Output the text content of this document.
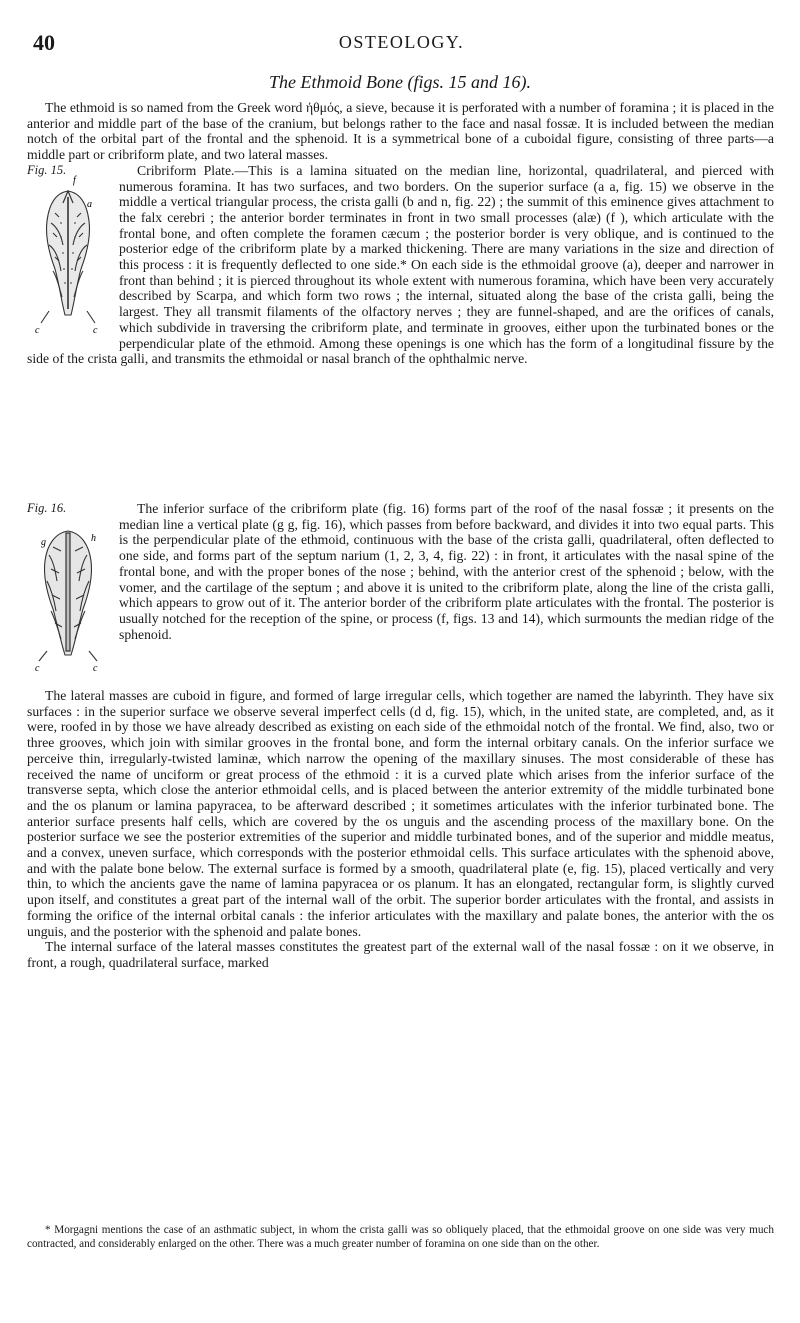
40	OSTEOLOGY.
The Ethmoid Bone (figs. 15 and 16).

The ethmoid is so named from the Greek word ἠθμός, a sieve, because it is perforated with a number of foramina ; it is placed in the anterior and middle part of the base of the cranium, but belongs rather to the face and nasal fossæ. It is included between the median notch of the orbital part of the frontal and the sphenoid. It is a symmetrical bone of a cuboidal figure, consisting of three parts—a middle part or cribriform plate, and two lateral masses.

Fig. 15.
f
a
c	c

Cribriform Plate.—This is a lamina situated on the median line, horizontal, quadrilateral, and pierced with numerous foramina. It has two surfaces, and two borders. On the superior surface (a a, fig. 15) we observe in the middle a vertical triangular process, the crista galli (b and n, fig. 22) ; the summit of this eminence gives attachment to the falx cerebri ; the anterior border terminates in front in two small processes (alæ) (f ), which articulate with the frontal bone, and often complete the foramen cæcum ; the posterior border is very oblique, and is continued to the posterior edge of the cribriform plate by a marked thickening. There are many variations in the size and direction of this process : it is frequently deflected to one side.* On each side is the ethmoidal groove (a), deeper and narrower in front than behind ; it is pierced throughout its whole extent with numerous foramina, which have been very accurately described by Scarpa, and which form two rows ; the internal, situated along the base of the crista galli, being the largest. They all transmit filaments of the olfactory nerves ; they are funnel-shaped, and are the orifices of canals, which subdivide in traversing the cribriform plate, and terminate in grooves, either upon the turbinated bones or the perpendicular plate of the ethmoid. Among these openings is one which has the form of a longitudinal fissure by the side of the crista galli, and transmits the ethmoidal or nasal branch of the ophthalmic nerve.

Fig. 16.
g	h
c	c

The inferior surface of the cribriform plate (fig. 16) forms part of the roof of the nasal fossæ ; it presents on the median line a vertical plate (g g, fig. 16), which passes from before backward, and divides it into two equal parts. This is the perpendicular plate of the ethmoid, continuous with the base of the crista galli, quadrilateral, often deflected to one side, and forms part of the septum narium (1, 2, 3, 4, fig. 22) : in front, it articulates with the nasal spine of the frontal bone, and with the proper bones of the nose ; behind, with the anterior crest of the sphenoid ; below, with the vomer, and the cartilage of the septum ; and above it is united to the cribriform plate, along the line of the crista galli, which appears to grow out of it. The anterior border of the cribriform plate articulates with the frontal. The posterior is usually notched for the reception of the spine, or process (f, figs. 13 and 14), which surmounts the median ridge of the sphenoid.

The lateral masses are cuboid in figure, and formed of large irregular cells, which together are named the labyrinth. They have six surfaces : in the superior surface we observe several imperfect cells (d d, fig. 15), which, in the united state, are completed, and, as it were, roofed in by those we have already described as existing on each side of the ethmoidal notch of the frontal. We find, also, two or three grooves, which join with similar grooves in the frontal bone, and form the internal orbitary canals. On the inferior surface we perceive thin, irregularly-twisted laminæ, which narrow the opening of the maxillary sinuses. The most considerable of these has received the name of unciform or great process of the ethmoid : it is a curved plate which arises from the inferior surface of the transverse septa, which close the anterior ethmoidal cells, and is placed between the anterior extremity of the middle turbinated bone and the os planum or lamina papyracea, to be afterward described ; it sometimes articulates with the inferior turbinated bone. The anterior surface presents half cells, which are covered by the os unguis and the ascending process of the maxillary bone. On the posterior surface we see the posterior extremities of the superior and middle turbinated bones, and of the superior and middle meatus, and a convex, uneven surface, which corresponds with the posterior ethmoidal cells. This surface articulates with the sphenoid above, and with the palate bone below. The external surface is formed by a smooth, quadrilateral plate (e, fig. 15), placed vertically and very thin, to which the ancients gave the name of lamina papyracea or os planum. It has an elongated, rectangular form, is slightly curved upon itself, and constitutes a great part of the internal wall of the orbit. The superior border articulates with the frontal, and assists in forming the orifice of the internal orbital canals : the inferior articulates with the maxillary and palate bones, the anterior with the os unguis, and the posterior with the sphenoid and palate bones.

The internal surface of the lateral masses constitutes the greatest part of the external wall of the nasal fossæ : on it we observe, in front, a rough, quadrilateral surface, marked

* Morgagni mentions the case of an asthmatic subject, in whom the crista galli was so obliquely placed, that the ethmoidal groove on one side was very much contracted, and considerably enlarged on the other. There was a much greater number of foramina on one side than on the other.
